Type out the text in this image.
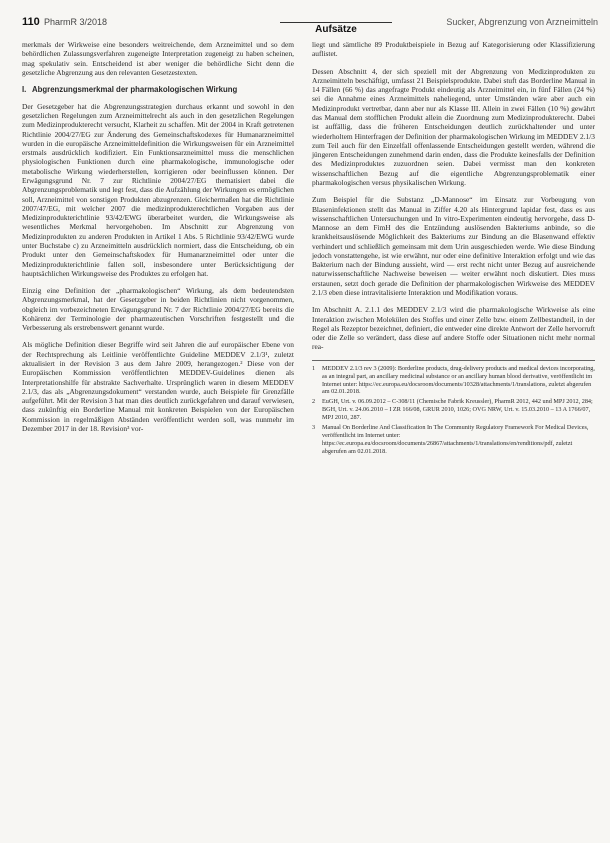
110 PharmR 3/2018
Aufsätze
Sucker, Abgrenzung von Arzneimitteln

merkmals der Wirkweise eine besonders weitreichende, dem Arzneimittel und so dem behördlichen Zulassungsverfahren zugeneigte Interpretation zugeneigt zu haben scheinen, mag spekulativ sein. Entscheidend ist aber weniger die behördliche Sicht denn die gesetzliche Abgrenzung aus den relevanten Gesetzestexten.

I. Abgrenzungsmerkmal der pharmakologischen Wirkung

Der Gesetzgeber hat die Abgrenzungsstrategien durchaus erkannt und sowohl in den gesetzlichen Regelungen zum Arzneimittelrecht als auch in den gesetzlichen Regelungen zum Medizinprodukterecht versucht, Klarheit zu schaffen. Mit der 2004 in Kraft getretenen Richtlinie 2004/27/EG zur Änderung des Gemeinschaftskodexes für Humanarzneimittel wurden in die europäische Arzneimitteldefinition die Wirkungsweisen für ein Arzneimittel erstmals ausdrücklich kodifiziert. Ein Funktionsarzneimittel muss die menschlichen physiologischen Funktionen durch eine pharmakologische, immunologische oder metabolische Wirkung wiederherstellen, korrigieren oder beeinflussen können. Der Erwägungsgrund Nr. 7 zur Richtlinie 2004/27/EG thematisiert dabei die Abgrenzungsproblematik und legt fest, dass die Aufzählung der Wirkungen es ermöglichen soll, Arzneimittel von sonstigen Produkten abzugrenzen. Gleichermaßen hat die Richtlinie 2007/47/EG, mit welcher 2007 die medizinprodukterechtlichen Vorgaben aus der Medizinprodukterichtlinie 93/42/EWG überarbeitet wurden, die Wirkungsweise als wesentliches Merkmal hervorgehoben. Im Abschnitt zur Abgrenzung von Medizinprodukten zu anderen Produkten in Artikel 1 Abs. 5 Richtlinie 93/42/EWG wurde unter Buchstabe c) zu Arzneimitteln ausdrücklich normiert, dass die Entscheidung, ob ein Produkt unter den Gemeinschaftskodex für Humanarzneimittel oder unter die Medizinprodukterichtlinie fallen soll, insbesondere unter Berücksichtigung der hauptsächlichen Wirkungsweise des Produktes zu erfolgen hat.

Einzig eine Definition der „pharmakologischen“ Wirkung, als dem bedeutendsten Abgrenzungsmerkmal, hat der Gesetzgeber in beiden Richtlinien nicht vorgenommen, obgleich im vorbezeichneten Erwägungsgrund Nr. 7 der Richtlinie 2004/27/EG bereits die Kohärenz der Terminologie der pharmazeutischen Vorschriften festgestellt und die Verbesserung als erstrebenswert genannt wurde.

Als mögliche Definition dieser Begriffe wird seit Jahren die auf europäischer Ebene von der Rechtsprechung als Leitlinie veröffentlichte Guideline MEDDEV 2.1/3¹, zuletzt aktualisiert in der Revision 3 aus dem Jahre 2009, herangezogen.² Diese von der Europäischen Kommission veröffentlichten MEDDEV-Guidelines dienen als Interpretationshilfe für abstrakte Sachverhalte. Ursprünglich waren in diesem MEDDEV 2.1/3, das als „Abgrenzungsdokument“ verstanden wurde, auch Beispiele für Grenzfälle aufgeführt. Mit der Revision 3 hat man dies deutlich zurückgefahren und darauf verwiesen, dass zukünftig ein Borderline Manual mit konkreten Beispielen von der Europäischen Kommission in regelmäßigen Abständen veröffentlicht werden soll, was nunmehr im Dezember 2017 in der 18. Revision³ vor-

liegt und sämtliche 89 Produktbeispiele in Bezug auf Kategorisierung oder Klassifizierung auflistet.

Dessen Abschnitt 4, der sich speziell mit der Abgrenzung von Medizinprodukten zu Arzneimitteln beschäftigt, umfasst 21 Beispielsprodukte. Dabei stuft das Borderline Manual in 14 Fällen (66 %) das angefragte Produkt eindeutig als Arzneimittel ein, in fünf Fällen (24 %) sei die Annahme eines Arzneimittels naheliegend, unter Umständen wäre aber auch ein Medizinprodukt vertretbar, dann aber nur als Klasse III. Allein in zwei Fällen (10 %) gewährt das Manual dem stofflichen Produkt allein die Zuordnung zum Medizinprodukterecht. Dabei ist auffällig, dass die früheren Entscheidungen deutlich zurückhaltender und unter wiederholtem Hinterfragen der Definition der pharmakologischen Wirkung im MEDDEV 2.1/3 zum Teil auch für den Einzelfall offenlassende Entscheidungen gestellt werden, während die jüngeren Entscheidungen zunehmend darin enden, dass die Produkte keinesfalls der Definition des Medizinproduktes zuzuordnen seien. Dabei vermisst man den konkreten wissenschaftlichen Bezug auf die eigentliche Abgrenzungsproblematik einer pharmakologischen versus physikalischen Wirkung.

Zum Beispiel für die Substanz „D-Mannose“ im Einsatz zur Vorbeugung von Blaseninfektionen stellt das Manual in Ziffer 4.20 als Hintergrund lapidar fest, dass es aus wissenschaftlichen Untersuchungen und In vitro-Experimenten eindeutig hervorgehe, dass D-Mannose an dem FimH des die Entzündung auslösenden Bakteriums anbinde, so die krankheitsauslösende Möglichkeit des Bakteriums zur Bindung an die Blasenwand effektiv verhindert und schließlich gemeinsam mit dem Urin ausgeschieden werde. Wie diese Bindung jedoch vonstattengehe, ist wie erwähnt, nur oder eine definitive Interaktion erfolgt und wie das Bakterium nach der Bindung aussieht, wird — erst recht nicht unter Bezug auf ausreichende naturwissenschaftliche Nachweise beweisen — weiter erwähnt noch diskutiert. Dies muss erstaunen, setzt doch gerade die Definition der pharmakologischen Wirkweise des MEDDEV 2.1/3 eben diese intravitalisierte Interaktion und Modifikation voraus.

Im Abschnitt A. 2.1.1 des MEDDEV 2.1/3 wird die pharmakologische Wirkweise als eine Interaktion zwischen Molekülen des Stoffes und einer Zelle bzw. einem Zellbestandteil, in der Regel als Rezeptor bezeichnet, definiert, die entweder eine direkte Antwort der Zelle hervorruft oder die Zelle so verändert, dass diese auf andere Stoffe oder Situationen nicht mehr normal rea-

1	MEDDEV 2.1/3 rev 3 (2009): Borderline products, drug-delivery products and medical devices incorporating, as an integral part, an ancillary medicinal substance or an ancillary human blood derivative, veröffentlicht im Internet unter: https://ec.europa.eu/docsroom/documents/10328/attachments/1/translations, zuletzt abgerufen am 02.01.2018.
2	EuGH, Urt. v. 06.09.2012 – C-308/11 (Chemische Fabrik Kreussler), PharmR 2012, 442 und MPJ 2012, 284; BGH, Urt. v. 24.06.2010 – I ZR 166/08, GRUR 2010, 1026; OVG NRW, Urt. v. 15.03.2010 – 13 A 1766/07, MPJ 2010, 287.
3	Manual On Borderline And Classification In The Community Regulatory Framework For Medical Devices, veröffentlicht im Internet unter: https://ec.europa.eu/docsroom/documents/26867/attachments/1/translations/en/renditions/pdf, zuletzt abgerufen am 02.01.2018.
